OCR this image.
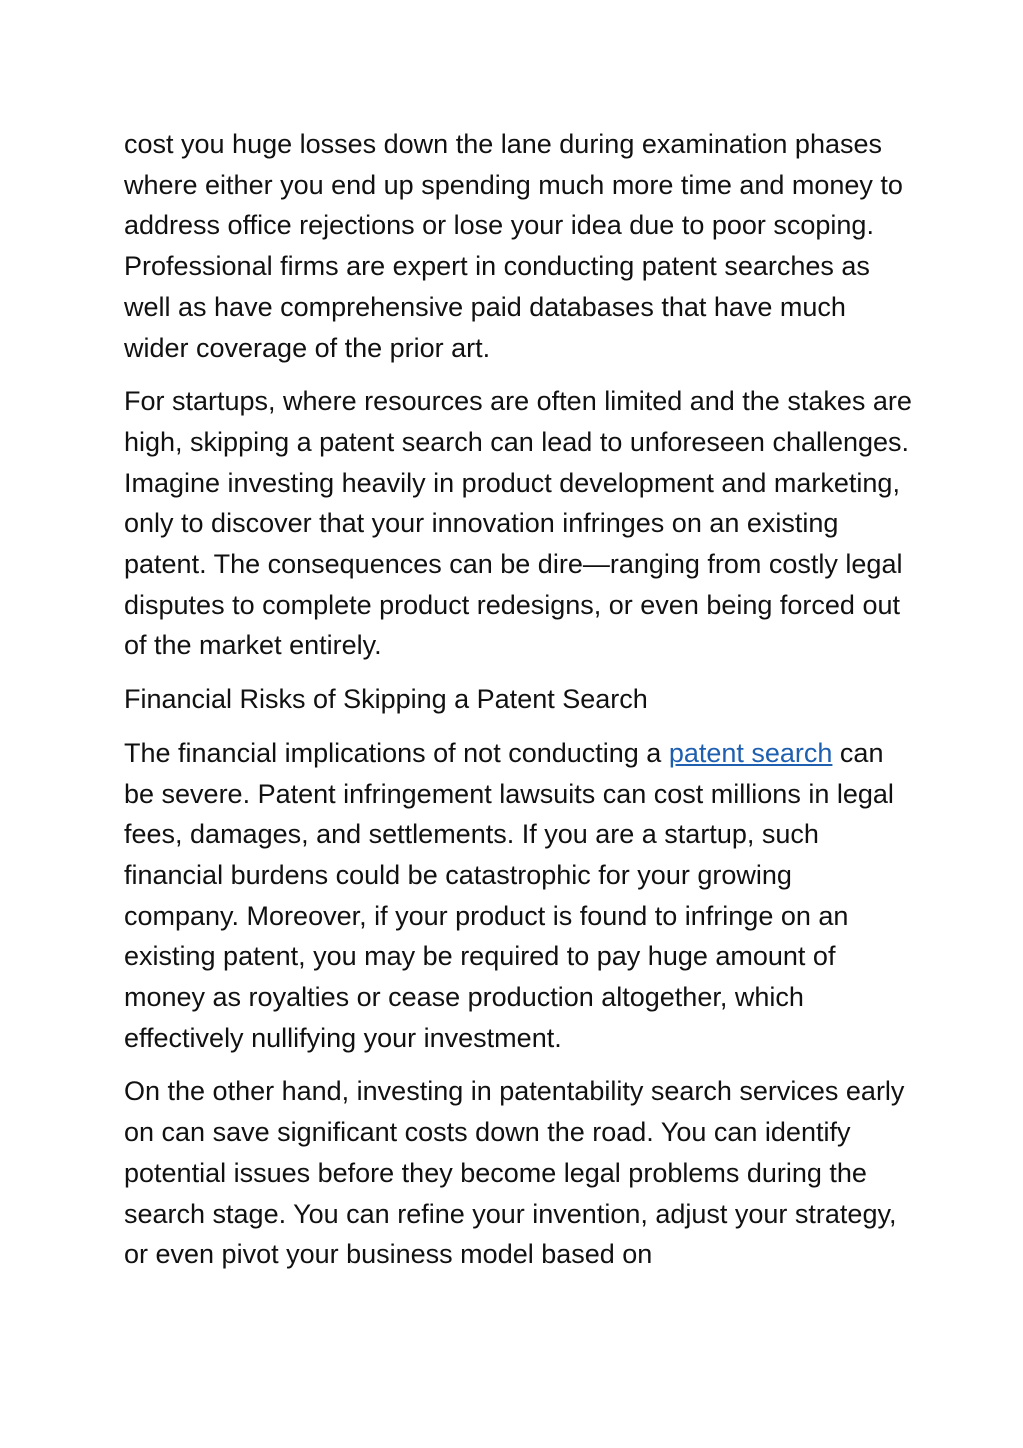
cost you huge losses down the lane during examination phases where either you end up spending much more time and money to address office rejections or lose your idea due to poor scoping. Professional firms are expert in conducting patent searches as well as have comprehensive paid databases that have much wider coverage of the prior art.

For startups, where resources are often limited and the stakes are high, skipping a patent search can lead to unforeseen challenges. Imagine investing heavily in product development and marketing, only to discover that your innovation infringes on an existing patent. The consequences can be dire—ranging from costly legal disputes to complete product redesigns, or even being forced out of the market entirely.

Financial Risks of Skipping a Patent Search

The financial implications of not conducting a patent search can be severe. Patent infringement lawsuits can cost millions in legal fees, damages, and settlements. If you are a startup, such financial burdens could be catastrophic for your growing company. Moreover, if your product is found to infringe on an existing patent, you may be required to pay huge amount of money as royalties or cease production altogether, which effectively nullifying your investment.

On the other hand, investing in patentability search services early on can save significant costs down the road. You can identify potential issues before they become legal problems during the search stage. You can refine your invention, adjust your strategy, or even pivot your business model based on
